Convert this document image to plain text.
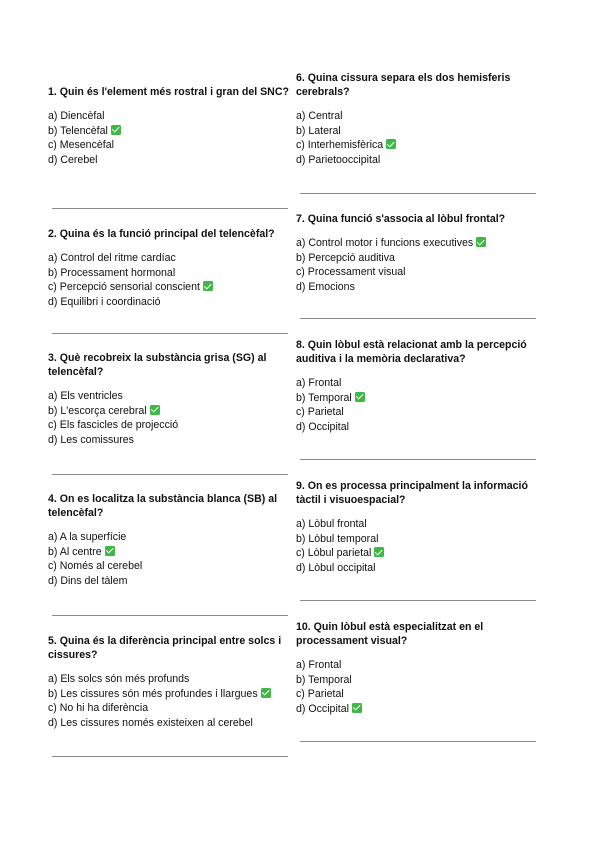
1. Quin és l'element més rostral i gran del SNC?
a) Diencèfal
b) Telencèfal
c) Mesencèfal
d) Cerebel
2. Quina és la funció principal del telencèfal?
a) Control del ritme cardíac
b) Processament hormonal
c) Percepció sensorial conscient
d) Equilibri i coordinació
3. Què recobreix la substància grisa (SG) al telencèfal?
a) Els ventricles
b) L'escorça cerebral
c) Els fascicles de projecció
d) Les comissures
4. On es localitza la substància blanca (SB) al telencèfal?
a) A la superfície
b) Al centre
c) Només al cerebel
d) Dins del tàlem
5. Quina és la diferència principal entre solcs i cissures?
a) Els solcs són més profunds
b) Les cissures són més profundes i llargues
c) No hi ha diferència
d) Les cissures només existeixen al cerebel
6. Quina cissura separa els dos hemisferis cerebrals?
a) Central
b) Lateral
c) Interhemisfèrica
d) Parietooccipital
7. Quina funció s'associa al lòbul frontal?
a) Control motor i funcions executives
b) Percepció auditiva
c) Processament visual
d) Emocions
8. Quin lòbul està relacionat amb la percepció auditiva i la memòria declarativa?
a) Frontal
b) Temporal
c) Parietal
d) Occipital
9. On es processa principalment la informació tàctil i visuoespacial?
a) Lòbul frontal
b) Lòbul temporal
c) Lòbul parietal
d) Lòbul occipital
10. Quin lòbul està especialitzat en el processament visual?
a) Frontal
b) Temporal
c) Parietal
d) Occipital
